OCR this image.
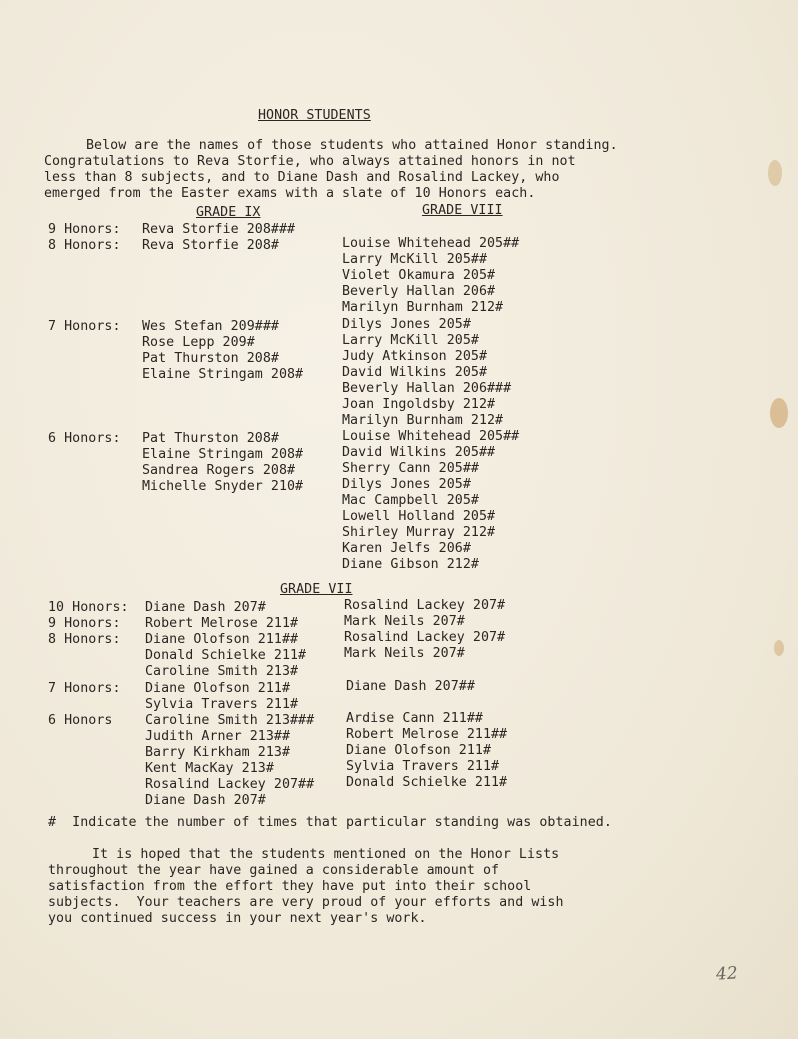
HONOR STUDENTS
Below are the names of those students who attained Honor standing.
Congratulations to Reva Storfie, who always attained honors in not
less than 8 subjects, and to Diane Dash and Rosalind Lackey, who
emerged from the Easter exams with a slate of 10 Honors each.
GRADE IX	GRADE VIII
9 Honors:
8 Honors:
7 Honors:
6 Honors:
Reva Storfie 208###
Reva Storfie 208#
Wes Stefan 209###
Rose Lepp 209#
Pat Thurston 208#
Elaine Stringam 208#
Pat Thurston 208#
Elaine Stringam 208#
Sandrea Rogers 208#
Michelle Snyder 210#
Louise Whitehead 205##
Larry McKill 205##
Violet Okamura 205#
Beverly Hallan 206#
Marilyn Burnham 212#
Dilys Jones 205#
Larry McKill 205#
Judy Atkinson 205#
David Wilkins 205#
Beverly Hallan 206###
Joan Ingoldsby 212#
Marilyn Burnham 212#
Louise Whitehead 205##
David Wilkins 205##
Sherry Cann 205##
Dilys Jones 205#
Mac Campbell 205#
Lowell Holland 205#
Shirley Murray 212#
Karen Jelfs 206#
Diane Gibson 212#
GRADE VII
10 Honors:
9 Honors:
8 Honors:
7 Honors:
6 Honors
Diane Dash 207#
Robert Melrose 211#
Diane Olofson 211##
Donald Schielke 211#
Caroline Smith 213#
Diane Olofson 211#
Sylvia Travers 211#
Caroline Smith 213###
Judith Arner 213##
Barry Kirkham 213#
Kent MacKay 213#
Rosalind Lackey 207##
Diane Dash 207#
Rosalind Lackey 207#
Mark Neils 207#
Rosalind Lackey 207#
Mark Neils 207#
Diane Dash 207##
Ardise Cann 211##
Robert Melrose 211##
Diane Olofson 211#
Sylvia Travers 211#
Donald Schielke 211#
#  Indicate the number of times that particular standing was obtained.
It is hoped that the students mentioned on the Honor Lists
throughout the year have gained a considerable amount of
satisfaction from the effort they have put into their school
subjects.  Your teachers are very proud of your efforts and wish
you continued success in your next year's work.
42
